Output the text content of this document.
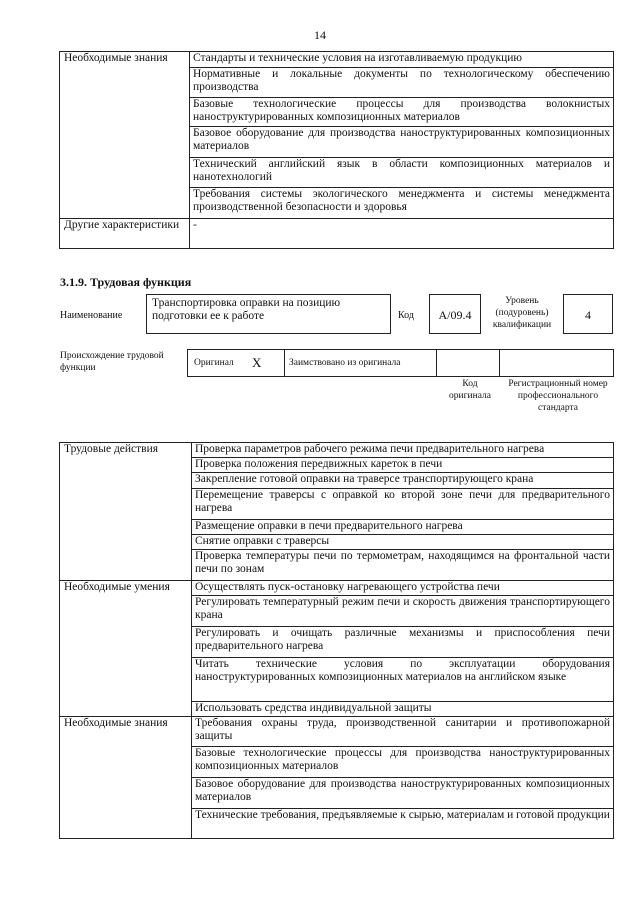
14
Необходимые знания	Стандарты и технические условия на изготавливаемую продукцию
	Нормативные и локальные документы по технологическому обеспечению производства
	Базовые технологические процессы для производства волокнистых наноструктурированных композиционных материалов
	Базовое оборудование для производства наноструктурированных композиционных материалов
	Технический английский язык в области композиционных материалов и нанотехнологий
	Требования системы экологического менеджмента и системы менеджмента производственной безопасности и здоровья
Другие характеристики	-
3.1.9. Трудовая функция
Наименование
Транспортировка оправки на позицию подготовки ее к работе	Код	А/09.4
Уровень (подуровень) квалификации
4
Происхождение трудовой функции	Оригинал X	Заимствовано из оригинала
Код оригинала
Регистрационный номер профессионального стандарта
Трудовые действия	Проверка параметров рабочего режима печи предварительного нагрева
	Проверка положения передвижных кареток в печи
	Закрепление готовой оправки на траверсе транспортирующего крана
	Перемещение траверсы с оправкой ко второй зоне печи для предварительного нагрева
	Размещение оправки в печи предварительного нагрева
	Снятие оправки с траверсы
	Проверка температуры печи по термометрам, находящимся на фронтальной части печи по зонам
Необходимые умения	Осуществлять пуск-остановку нагревающего устройства печи
	Регулировать температурный режим печи и скорость движения транспортирующего крана
	Регулировать и очищать различные механизмы и приспособления печи предварительного нагрева
	Читать технические условия по эксплуатации оборудования наноструктурированных композиционных материалов на английском языке
	Использовать средства индивидуальной защиты
Необходимые знания	Требования охраны труда, производственной санитарии и противопожарной защиты
	Базовые технологические процессы для производства наноструктурированных композиционных материалов
	Базовое оборудование для производства наноструктурированных композиционных материалов
	Технические требования, предъявляемые к сырью, материалам и готовой продукции
